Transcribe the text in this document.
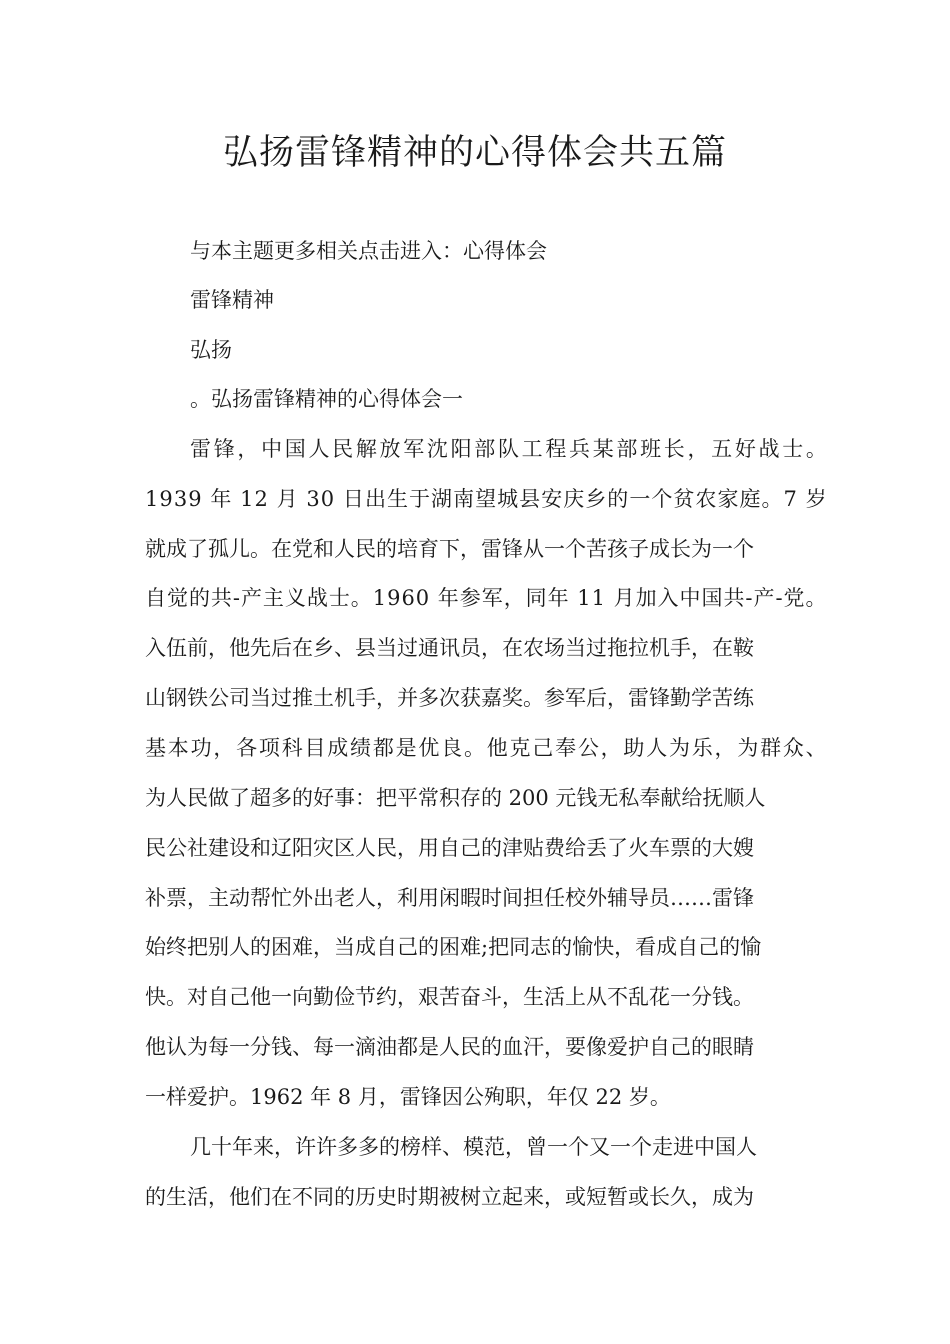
弘扬雷锋精神的心得体会共五篇

与本主题更多相关点击进入：心得体会

雷锋精神

弘扬

。弘扬雷锋精神的心得体会一

雷 锋 ， 中 国 人 民 解 放 军 沈 阳 部 队 工 程 兵 某 部 班 长 ， 五 好 战 士 。

1 9 3 9
年
1 2
月
3 0
日 出 生 于 湖 南 望 城 县 安 庆 乡 的 一 个 贫 农 家 庭 。 7
岁

就成了孤儿。在党和人民的培育下，雷锋从一个苦孩子成长为一个

自 觉 的 共 - 产 主 义 战 士 。 1 9 6 0
年 参 军 ， 同 年
1 1
月 加 入 中 国 共 - 产 - 党 。

入伍前，他先后在乡、县当过通讯员，在农场当过拖拉机手，在鞍

山钢铁公司当过推土机手，并多次获嘉奖。参军后，雷锋勤学苦练

基 本 功 ， 各 项 科 目 成 绩 都 是 优 良 。 他 克 己 奉 公 ， 助 人 为 乐 ， 为 群 众 、

为人民做了超多的好事：把平常积存的 200 元钱无私奉献给抚顺人

民公社建设和辽阳灾区人民，用自己的津贴费给丢了火车票的大嫂

补票，主动帮忙外出老人，利用闲暇时间担任校外辅导员……雷锋

始终把别人的困难，当成自己的困难;把同志的愉快，看成自己的愉

快。对自己他一向勤俭节约，艰苦奋斗，生活上从不乱花一分钱。

他认为每一分钱、每一滴油都是人民的血汗，要像爱护自己的眼睛

一样爱护。1962 年 8 月，雷锋因公殉职，年仅 22 岁。

几十年来，许许多多的榜样、模范，曾一个又一个走进中国人

的生活，他们在不同的历史时期被树立起来，或短暂或长久，成为
